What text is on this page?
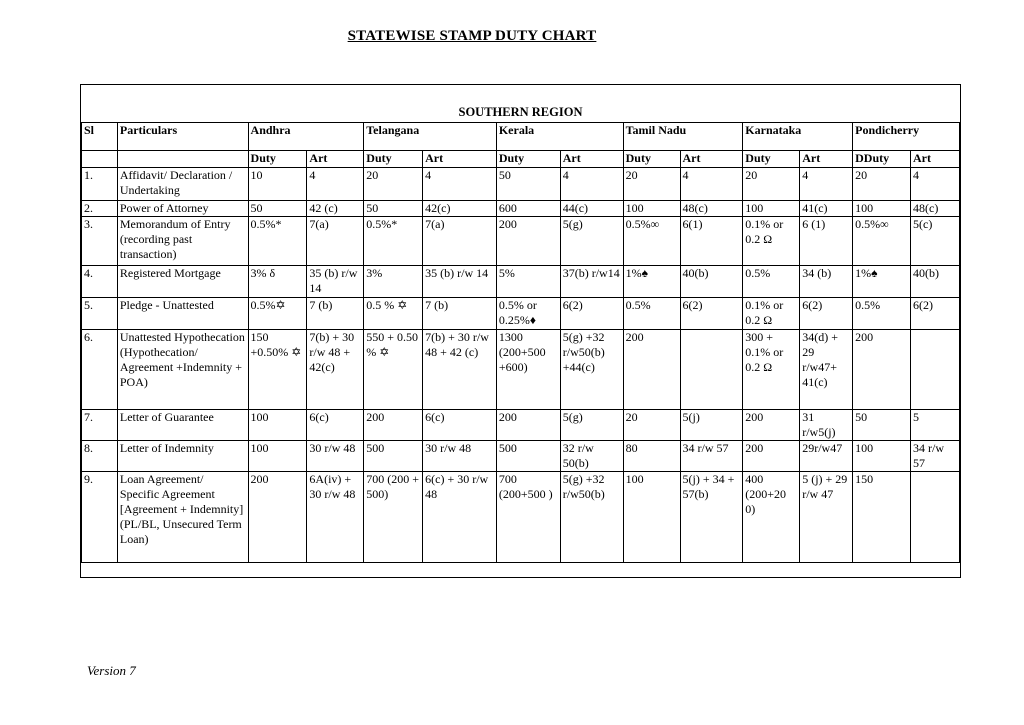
STATEWISE STAMP DUTY CHART
SOUTHERN REGION
Sl	Particulars	Andhra		Telangana		Kerala		Tamil Nadu		Karnataka		Pondicherry	
		Duty	Art	Duty	Art	Duty	Art	Duty	Art	Duty	Art	DDuty	Art
1.	Affidavit/ Declaration / Undertaking	10	4	20	4	50	4	20	4	20	4	20	4
2.	Power of Attorney	50	42 (c)	50	42(c)	600	44(c)	100	48(c)	100	41(c)	100	48(c)
3.	Memorandum of Entry (recording past transaction)	0.5%*	7(a)	0.5%*	7(a)	200	5(g)	0.5%∞	6(1)	0.1% or 0.2 Ω	6 (1)	0.5%∞	5(c)
4.	Registered Mortgage	3% δ	35 (b) r/w 14	3%	35 (b) r/w 14	5%	37(b) r/w14	1%♠	40(b)	0.5%	34 (b)	1%♠	40(b)
5.	Pledge - Unattested	0.5%✡	7 (b)	0.5 % ✡	7 (b)	0.5% or 0.25%♦	6(2)	0.5%	6(2)	0.1% or 0.2 Ω	6(2)	0.5%	6(2)
6.	Unattested Hypothecation (Hypothecation/ Agreement +Indemnity + POA)	150 +0.50% ✡	7(b) + 30 r/w 48 + 42(c)	550 + 0.50 % ✡	7(b) + 30 r/w 48 + 42 (c)	1300 (200+500 +600)	5(g) +32 r/w50(b) +44(c)	200		300 + 0.1% or 0.2 Ω	34(d) + 29 r/w47+ 41(c)	200	
7.	Letter of Guarantee	100	6(c)	200	6(c)	200	5(g)	20	5(j)	200	31 r/w5(j)	50	5
8.	Letter of Indemnity	100	30 r/w 48	500	30 r/w 48	500	32 r/w 50(b)	80	34 r/w 57	200	29r/w47	100	34 r/w 57
9.	Loan Agreement/ Specific Agreement [Agreement + Indemnity] (PL/BL, Unsecured Term Loan)	200	6A(iv) + 30 r/w 48	700 (200 + 500)	6(c) + 30 r/w 48	700 (200+500 )	5(g) +32 r/w50(b)	100	5(j) + 34 + 57(b)	400 (200+20 0)	5 (j) + 29 r/w 47	150	
Version 7
